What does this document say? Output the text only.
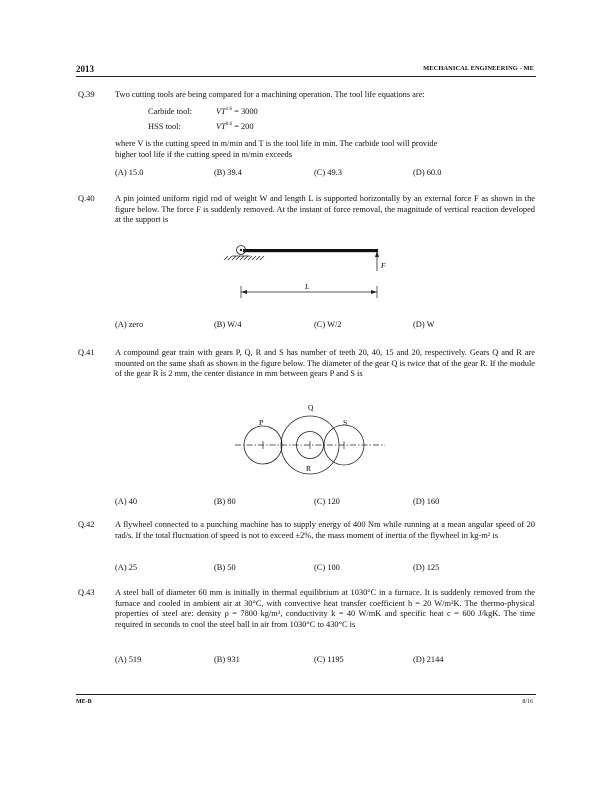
2013	MECHANICAL ENGINEERING - ME
Q.39 Two cutting tools are being compared for a machining operation. The tool life equations are:
Carbide tool:	$VT^{1.6} = 3000$
HSS tool:	$VT^{0.6} = 200$
where V is the cutting speed in m/min and T is the tool life in min. The carbide tool will provide
higher tool life if the cutting speed in m/min exceeds
(A) 15.0	(B) 39.4	(C) 49.3	(D) 60.0
Q.40 A pin jointed uniform rigid rod of weight W and length L is supported horizontally by an external force F as shown in the figure below. The force F is suddenly removed. At the instant of force removal, the magnitude of vertical reaction developed at the support is
F
L
(A) zero	(B) W/4	(C) W/2	(D) W
Q.41 A compound gear train with gears P, Q, R and S has number of teeth 20, 40, 15 and 20, respectively. Gears Q and R are mounted on the same shaft as shown in the figure below. The diameter of the gear Q is twice that of the gear R. If the module of the gear R is 2 mm, the center distance in mm between gears P and S is
P
Q
R
S
(A) 40	(B) 80	(C) 120	(D) 160
Q.42 A flywheel connected to a punching machine has to supply energy of 400 Nm while running at a mean angular speed of 20 rad/s. If the total fluctuation of speed is not to exceed ±2%, the mass moment of inertia of the flywheel in kg-m² is
(A) 25	(B) 50	(C) 100	(D) 125
Q.43 A steel ball of diameter 60 mm is initially in thermal equilibrium at 1030°C in a furnace. It is suddenly removed from the furnace and cooled in ambient air at 30°C, with convective heat transfer coefficient h = 20 W/m²K. The thermo-physical properties of steel are: density ρ = 7800 kg/m³, conductivity k = 40 W/mK and specific heat c = 600 J/kgK. The time required in seconds to cool the steel ball in air from 1030°C to 430°C is
(A) 519	(B) 931	(C) 1195	(D) 2144
ME-B	8/16
